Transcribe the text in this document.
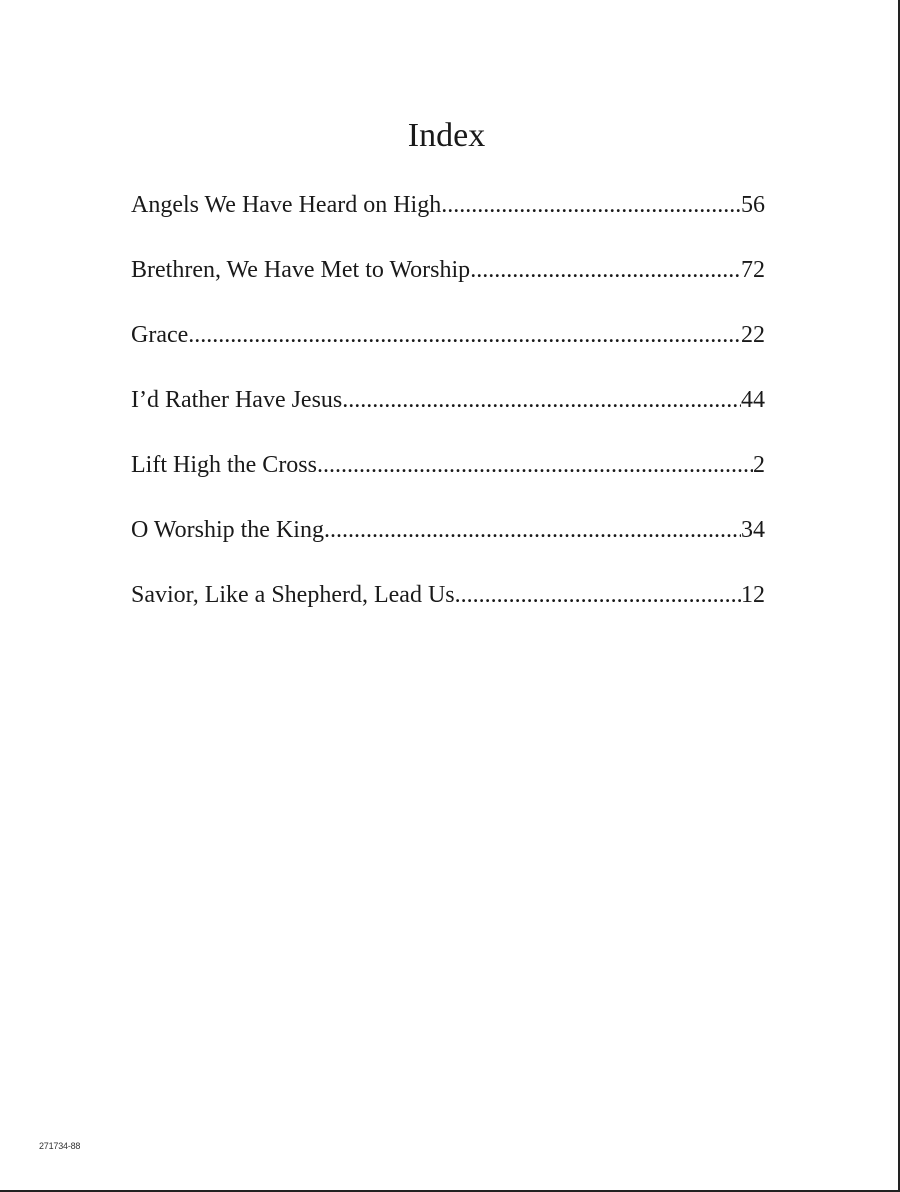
Index
Angels We Have Heard on High .....	56
Brethren, We Have Met to Worship .....	72
Grace .....	22
I’d Rather Have Jesus .....	44
Lift High the Cross .....	2
O Worship the King .....	34
Savior, Like a Shepherd, Lead Us .....	12
271734-88
